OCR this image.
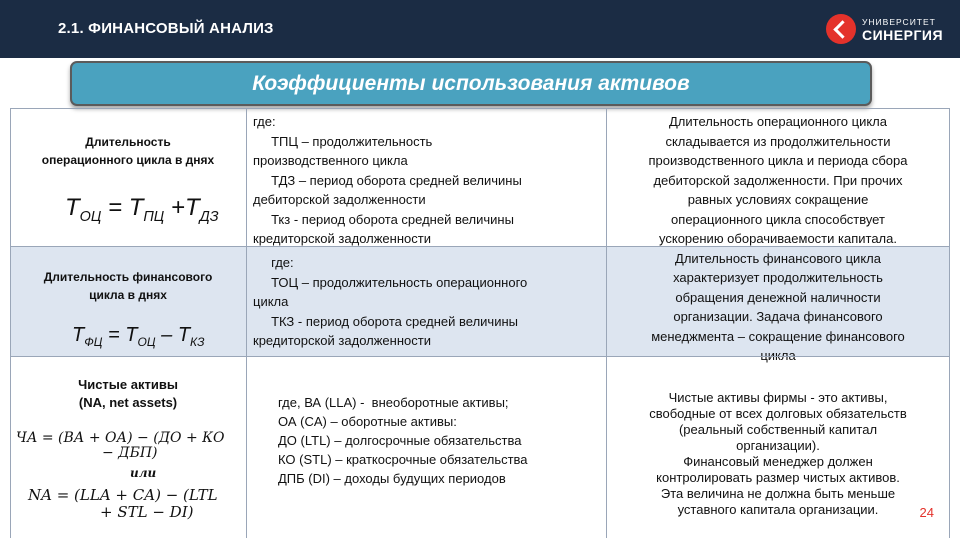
2.1. ФИНАНСОВЫЙ АНАЛИЗ	УНИВЕРСИТЕТ
СИНЕРГИЯ
Коэффициенты использования активов
Длительность
операционного цикла в днях
$T_{ОЦ} = T_{ПЦ} +T_{ДЗ}$
где:
ТПЦ – продолжительность
производственного цикла
ТДЗ – период оборота средней величины
дебиторской задолженности
Ткз - период оборота средней величины
кредиторской задолженности
Длительность финансового
цикла в днях
$T_{ФЦ} = T_{ОЦ} - T_{КЗ}$
где:
ТОЦ – продолжительность операционного
цикла
ТКЗ - период оборота средней величины
кредиторской задолженности
Чистые активы
(NA, net assets)
ЧА = (ВА + ОА) − (ДО + КО
− ДБП)
или
NA = (LLA + CA) − (LTL
+ STL − DI)
где, ВА (LLA) -  внеоборотные активы;
ОА (CA) – оборотные активы:
ДО (LTL) – долгосрочные обязательства
КО (STL) – краткосрочные обязательства
ДПБ (DI) – доходы будущих периодов
Длительность операционного цикла
складывается из продолжительности
производственного цикла и периода сбора
дебиторской задолженности. При прочих
равных условиях сокращение
операционного цикла способствует
ускорению оборачиваемости капитала.
Длительность финансового цикла
характеризует продолжительность
обращения денежной наличности
организации. Задача финансового
менеджмента – сокращение финансового
цикла
Чистые активы фирмы - это активы,
свободные от всех долговых обязательств
(реальный собственный капитал
организации).
Финансовый менеджер должен
контролировать размер чистых активов.
Эта величина не должна быть меньше
уставного капитала организации.	24
